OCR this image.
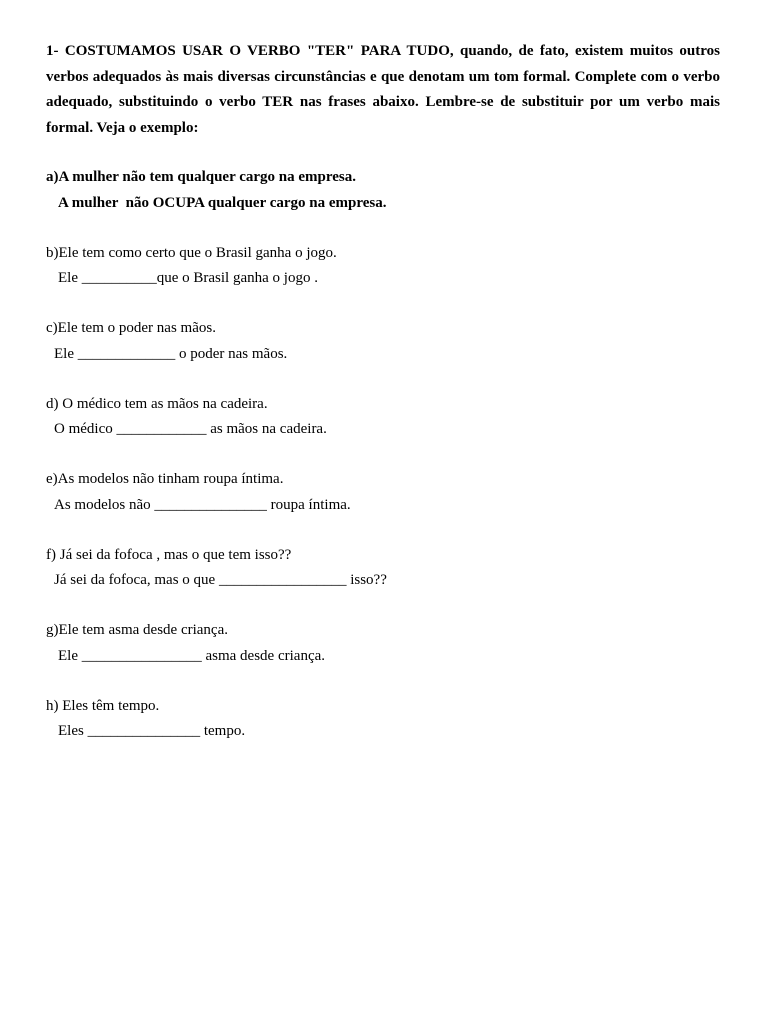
1- COSTUMAMOS USAR O VERBO "TER" PARA TUDO, quando, de fato, existem muitos outros verbos adequados às mais diversas circunstâncias e que denotam um tom formal. Complete com o verbo adequado, substituindo o verbo TER nas frases abaixo. Lembre-se de substituir por um verbo mais formal. Veja o exemplo:

a)A mulher não tem qualquer cargo na empresa.

A mulher  não OCUPA qualquer cargo na empresa.

b)Ele tem como certo que o Brasil ganha o jogo.

Ele __________que o Brasil ganha o jogo .

c)Ele tem o poder nas mãos.

Ele _____________ o poder nas mãos.

d) O médico tem as mãos na cadeira.

O médico ____________ as mãos na cadeira.

e)As modelos não tinham roupa íntima.

As modelos não _______________ roupa íntima.

f) Já sei da fofoca , mas o que tem isso??

Já sei da fofoca, mas o que _________________ isso??

g)Ele tem asma desde criança.

Ele ________________ asma desde criança.

h) Eles têm tempo.

Eles _______________ tempo.
